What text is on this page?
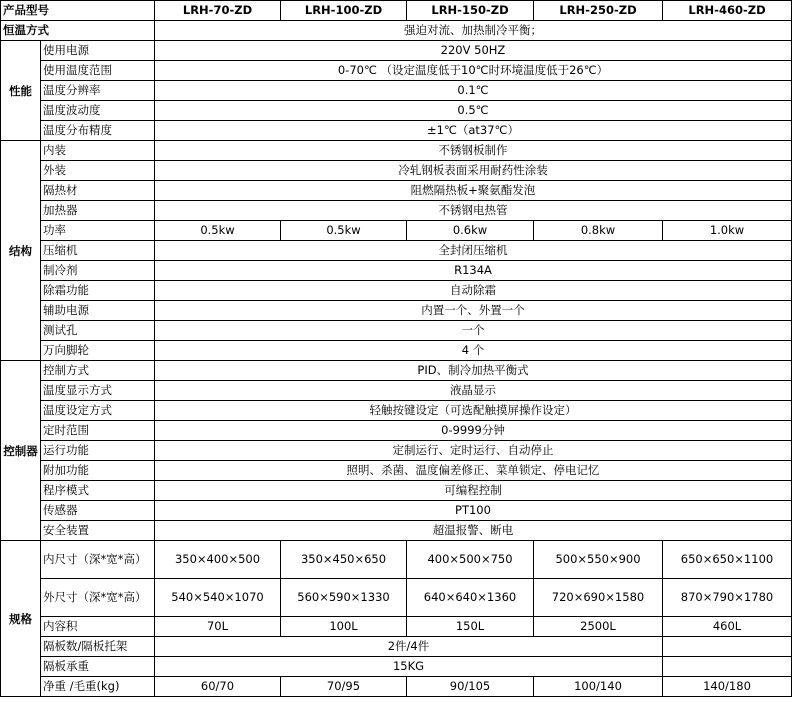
产品型号		LRH-70-ZD	LRH-100-ZD	LRH-150-ZD	LRH-250-ZD	LRH-460-ZD
恒温方式		强迫对流、加热制冷平衡；				
性能	使用电源	220V 50HZ				
	使用温度范围	0-70℃ （设定温度低于10℃时环境温度低于26℃）				
	温度分辨率	0.1℃				
	温度波动度	0.5℃				
	温度分布精度	±1℃（at37℃）				
结构	内装	不锈钢板制作				
	外装	冷轧钢板表面采用耐药性涂装				
	隔热材	阻燃隔热板+聚氨酯发泡				
	加热器	不锈钢电热管				
	功率	0.5kw	0.5kw	0.6kw	0.8kw	1.0kw
	压缩机	全封闭压缩机				
	制冷剂	R134A				
	除霜功能	自动除霜				
	辅助电源	内置一个、外置一个				
	测试孔	一个				
	万向脚轮	4 个				
控制器	控制方式	PID、制冷加热平衡式				
	温度显示方式	液晶显示				
	温度设定方式	轻触按键设定（可选配触摸屏操作设定）				
	定时范围	0-9999分钟				
	运行功能	定制运行、定时运行、自动停止				
	附加功能	照明、杀菌、温度偏差修正、菜单锁定、停电记忆				
	程序模式	可编程控制				
	传感器	PT100				
	安全装置	超温报警、断电				
规格	内尺寸（深*宽*高）	350×400×500	350×450×650	400×500×750	500×550×900	650×650×1100
	外尺寸（深*宽*高）	540×540×1070	560×590×1330	640×640×1360	720×690×1580	870×790×1780
	内容积	70L	100L	150L	2500L	460L
	隔板数/隔板托架	2件/4件				
	隔板承重	15KG				
	净重 /毛重(kg)	60/70	70/95	90/105	100/140	140/180
